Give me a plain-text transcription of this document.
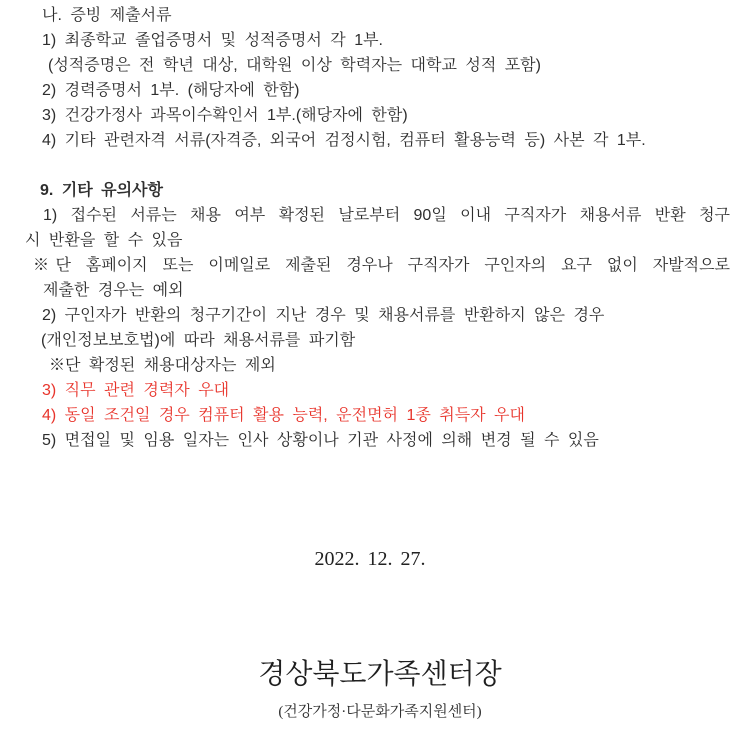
나. 증빙 제출서류
1) 최종학교 졸업증명서 및 성적증명서 각 1부.
(성적증명은 전 학년 대상, 대학원 이상 학력자는 대학교 성적 포함)
2) 경력증명서 1부. (해당자에 한함)
3) 건강가정사 과목이수확인서 1부.(해당자에 한함)
4) 기타 관련자격 서류(자격증, 외국어 검정시험, 컴퓨터 활용능력 등) 사본 각 1부.
9. 기타 유의사항
1) 접수된 서류는 채용 여부 확정된 날로부터 90일 이내 구직자가 채용서류 반환 청구
시 반환을 할 수 있음
※단 홈페이지 또는 이메일로 제출된 경우나 구직자가 구인자의 요구 없이 자발적으로
제출한 경우는 예외
2) 구인자가 반환의 청구기간이 지난 경우 및 채용서류를 반환하지 않은 경우
(개인정보보호법)에 따라 채용서류를 파기함
※단 확정된 채용대상자는 제외
3) 직무 관련 경력자 우대
4) 동일 조건일 경우 컴퓨터 활용 능력, 운전면허 1종 취득자 우대
5) 면접일 및 임용 일자는 인사 상황이나 기관 사정에 의해 변경 될 수 있음
2022. 12. 27.
경상북도가족센터장
(건강가정·다문화가족지원센터)
